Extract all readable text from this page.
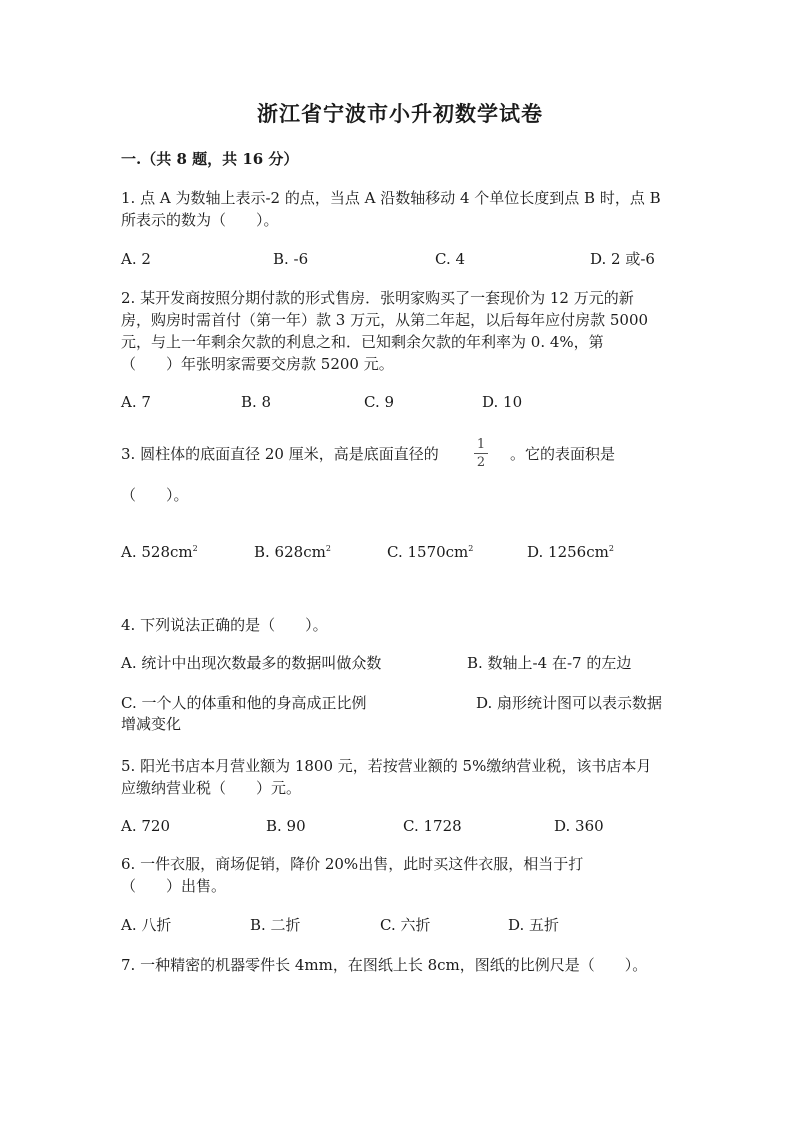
浙江省宁波市小升初数学试卷
一.（共 8 题，共 16 分）
1. 点 A 为数轴上表示-2 的点，当点 A 沿数轴移动 4 个单位长度到点 B 时，点 B
所表示的数为（　　）。
A. 2	B. -6	C. 4	D. 2 或-6
2. 某开发商按照分期付款的形式售房．张明家购买了一套现价为 12 万元的新
房，购房时需首付（第一年）款 3 万元，从第二年起，以后每年应付房款 5000
元，与上一年剩余欠款的利息之和．已知剩余欠款的年利率为 0. 4%，第
（　　）年张明家需要交房款 5200 元。
A. 7	B. 8	C. 9	D. 10
3. 圆柱体的底面直径 20 厘米，高是底面直径的
1
2 。它的表面积是
（　　）。
A. $528cm^2$	B. $628cm^2$	C. $1570cm^2$	D. $1256cm^2$
4. 下列说法正确的是（　　）。
A. 统计中出现次数最多的数据叫做众数	B. 数轴上-4 在-7 的左边
C. 一个人的体重和他的身高成正比例	D. 扇形统计图可以表示数据
增减变化
5. 阳光书店本月营业额为 1800 元，若按营业额的 5%缴纳营业税，该书店本月
应缴纳营业税（　　）元。
A. 720	B. 90	C. 1728	D. 360
6. 一件衣服，商场促销，降价 20%出售，此时买这件衣服，相当于打
（　　）出售。
A. 八折	B. 二折	C. 六折	D. 五折
7. 一种精密的机器零件长 4mm，在图纸上长 8cm，图纸的比例尺是（　　）。
